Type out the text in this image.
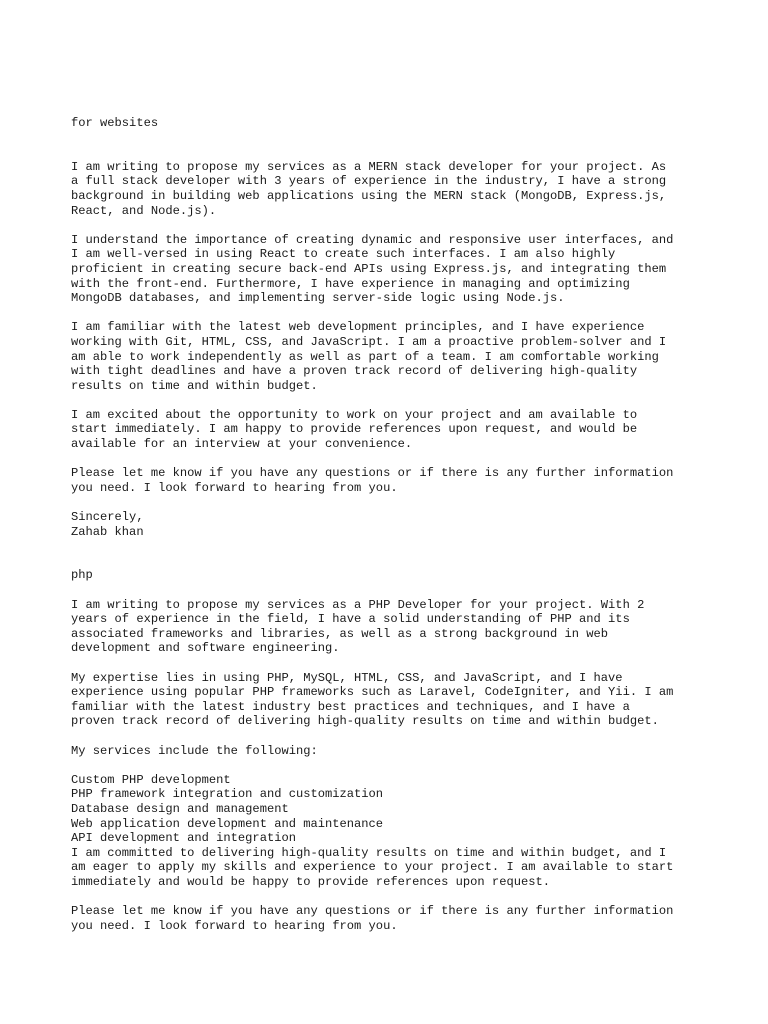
for websites
I am writing to propose my services as a MERN stack developer for your project. As
a full stack developer with 3 years of experience in the industry, I have a strong
background in building web applications using the MERN stack (MongoDB, Express.js,
React, and Node.js).
I understand the importance of creating dynamic and responsive user interfaces, and
I am well-versed in using React to create such interfaces. I am also highly
proficient in creating secure back-end APIs using Express.js, and integrating them
with the front-end. Furthermore, I have experience in managing and optimizing
MongoDB databases, and implementing server-side logic using Node.js.
I am familiar with the latest web development principles, and I have experience
working with Git, HTML, CSS, and JavaScript. I am a proactive problem-solver and I
am able to work independently as well as part of a team. I am comfortable working
with tight deadlines and have a proven track record of delivering high-quality
results on time and within budget.
I am excited about the opportunity to work on your project and am available to
start immediately. I am happy to provide references upon request, and would be
available for an interview at your convenience.
Please let me know if you have any questions or if there is any further information
you need. I look forward to hearing from you.
Sincerely,
Zahab khan
php
I am writing to propose my services as a PHP Developer for your project. With 2
years of experience in the field, I have a solid understanding of PHP and its
associated frameworks and libraries, as well as a strong background in web
development and software engineering.
My expertise lies in using PHP, MySQL, HTML, CSS, and JavaScript, and I have
experience using popular PHP frameworks such as Laravel, CodeIgniter, and Yii. I am
familiar with the latest industry best practices and techniques, and I have a
proven track record of delivering high-quality results on time and within budget.
My services include the following:
Custom PHP development
PHP framework integration and customization
Database design and management
Web application development and maintenance
API development and integration
I am committed to delivering high-quality results on time and within budget, and I
am eager to apply my skills and experience to your project. I am available to start
immediately and would be happy to provide references upon request.
Please let me know if you have any questions or if there is any further information
you need. I look forward to hearing from you.
